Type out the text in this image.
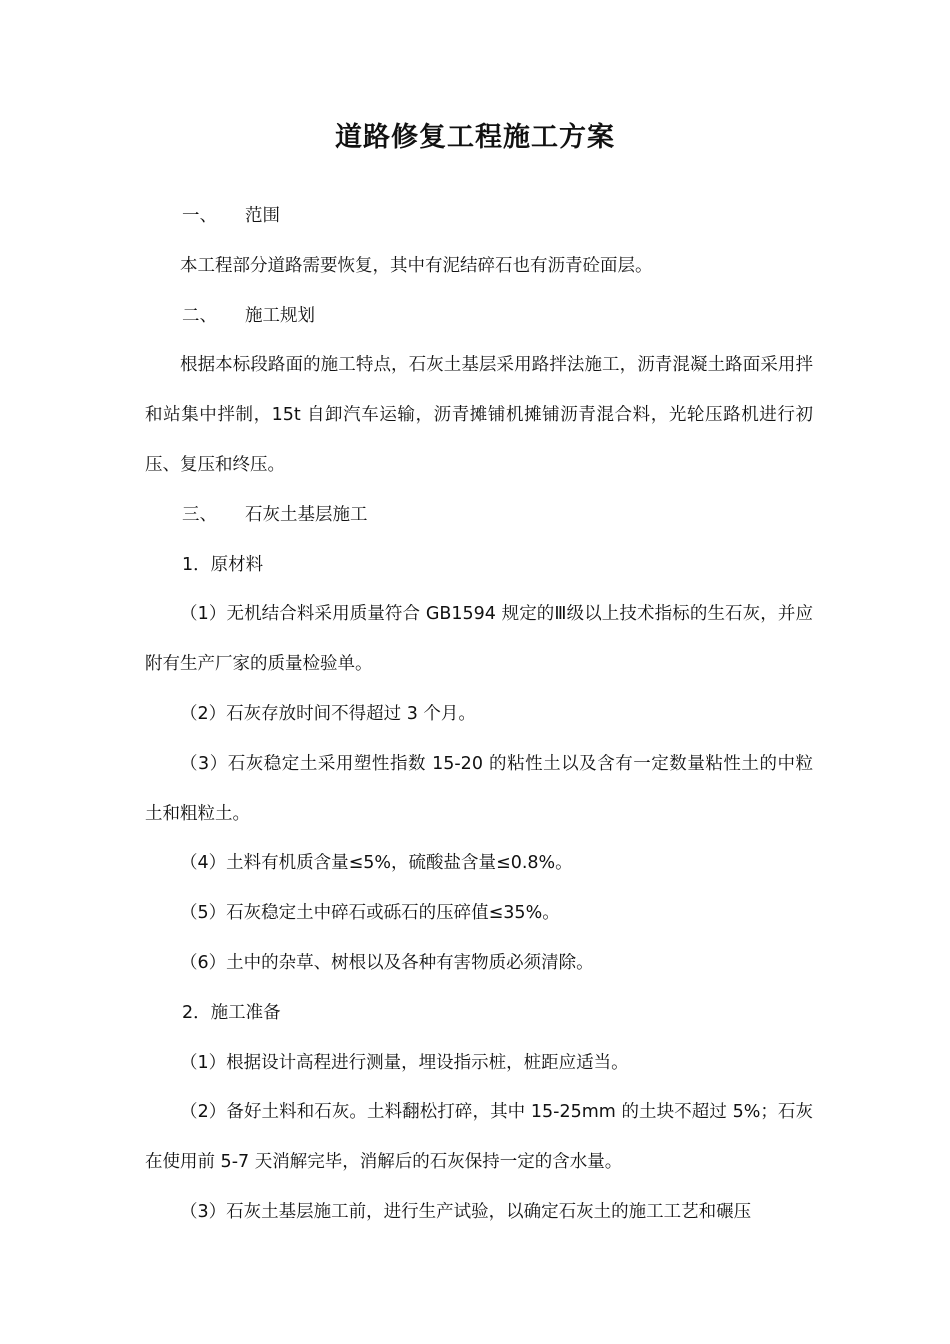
道路修复工程施工方案
一、 范围

本工程部分道路需要恢复，其中有泥结碎石也有沥青砼面层。

二、 施工规划

根据本标段路面的施工特点，石灰土基层采用路拌法施工，沥青混凝土路面采用拌和站集中拌制，15t 自卸汽车运输，沥青摊铺机摊铺沥青混合料，光轮压路机进行初压、复压和终压。

三、 石灰土基层施工
1．原材料

（1）无机结合料采用质量符合 GB1594 规定的Ⅲ级以上技术指标的生石灰，并应附有生产厂家的质量检验单。

（2）石灰存放时间不得超过 3 个月。

（3）石灰稳定土采用塑性指数 15-20 的粘性土以及含有一定数量粘性土的中粒土和粗粒土。

（4）土料有机质含量≤5%，硫酸盐含量≤0.8%。

（5）石灰稳定土中碎石或砾石的压碎值≤35%。

（6）土中的杂草、树根以及各种有害物质必须清除。

2．施工准备

（1）根据设计高程进行测量，埋设指示桩，桩距应适当。

（2）备好土料和石灰。土料翻松打碎，其中 15-25mm 的土块不超过 5%；石灰在使用前 5-7 天消解完毕，消解后的石灰保持一定的含水量。

（3）石灰土基层施工前，进行生产试验，以确定石灰土的施工工艺和碾压
